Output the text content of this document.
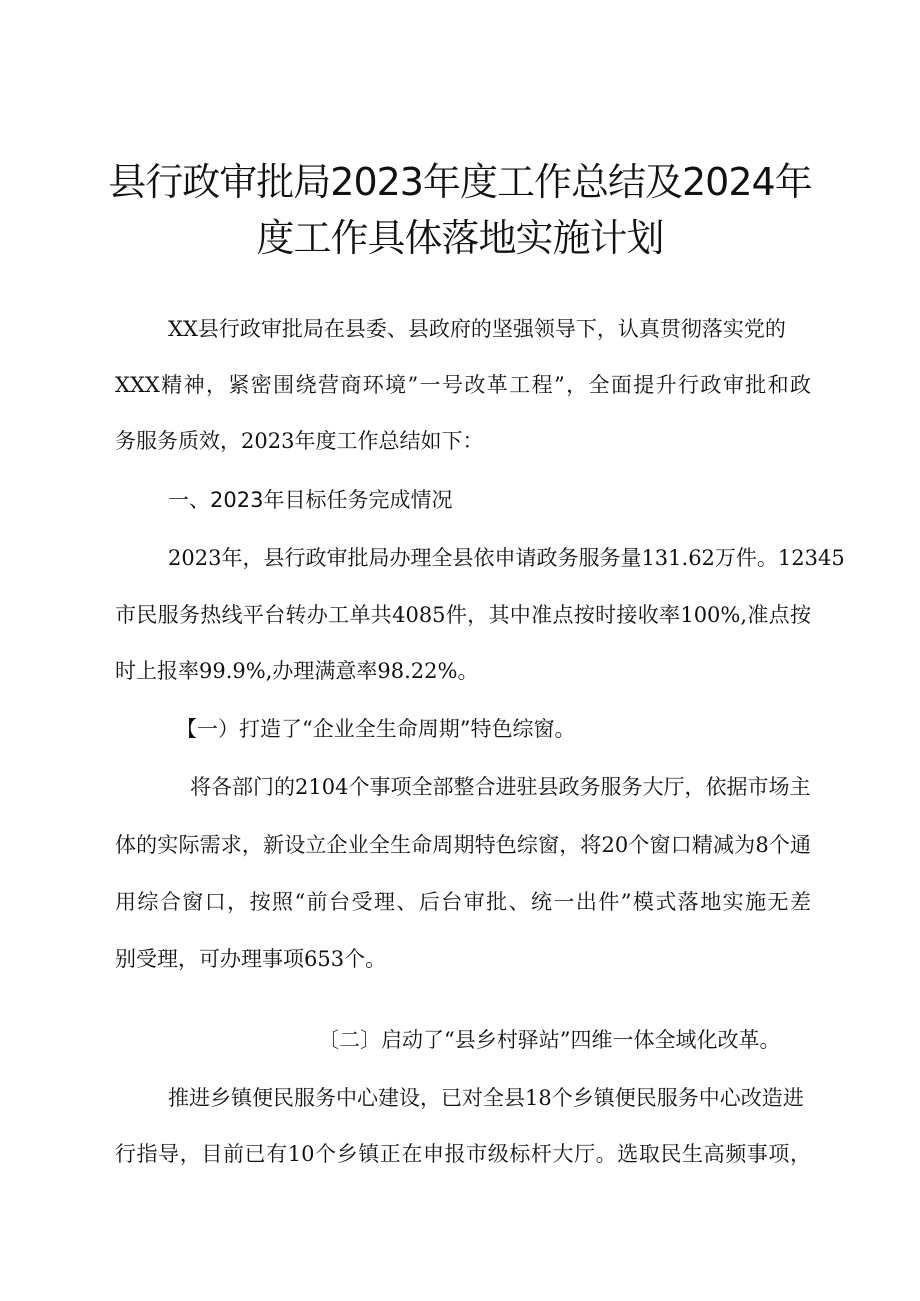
县行政审批局2023年度工作总结及2024年
度工作具体落地实施计划

XX县行政审批局在县委、县政府的坚强领导下，认真贯彻落实党的

XXX精神，紧密围绕营商环境”一号改革工程”，全面提升行政审批和政

务服务质效，2023年度工作总结如下：

一、2023年目标任务完成情况

2023年，县行政审批局办理全县依申请政务服务量131.62万件。12345

市民服务热线平台转办工单共4085件，其中准点按时接收率100%,准点按

时上报率99.9%,办理满意率98.22%。

【一）打造了“企业全生命周期”特色综窗。

将各部门的2104个事项全部整合进驻县政务服务大厅，依据市场主

体的实际需求，新设立企业全生命周期特色综窗，将20个窗口精减为8个通

用综合窗口，按照“前台受理、后台审批、统一出件”模式落地实施无差

别受理，可办理事项653个。

〔二〕启动了“县乡村驿站”四维一体全域化改革。

推进乡镇便民服务中心建设，已对全县18个乡镇便民服务中心改造进

行指导，目前已有10个乡镇正在申报市级标杆大厅。选取民生高频事项，
